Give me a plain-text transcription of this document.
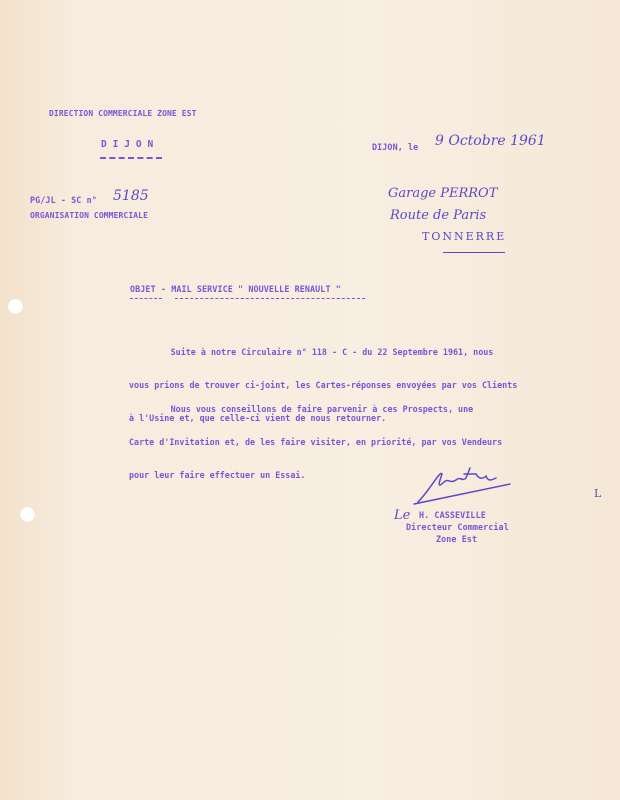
DIRECTION COMMERCIALE ZONE EST
D I J O N
PG/JL - SC n° 5185
ORGANISATION COMMERCIALE
DIJON, le 9 Octobre 1961
Garage PERROT
Route de Paris
TONNERRE
OBJET - MAIL SERVICE " NOUVELLE RENAULT "

Suite à notre Circulaire n° 118 - C - du 22 Septembre 1961, nous

vous prions de trouver ci-joint, les Cartes-réponses envoyées par vos Clients

à l'Usine et, que celle-ci vient de nous retourner.

Nous vous conseillons de faire parvenir à ces Prospects, une

Carte d'Invitation et, de les faire visiter, en priorité, par vos Vendeurs

pour leur faire effectuer un Essai.

Le H. CASSEVILLE
Directeur Commercial
Zone Est
L
